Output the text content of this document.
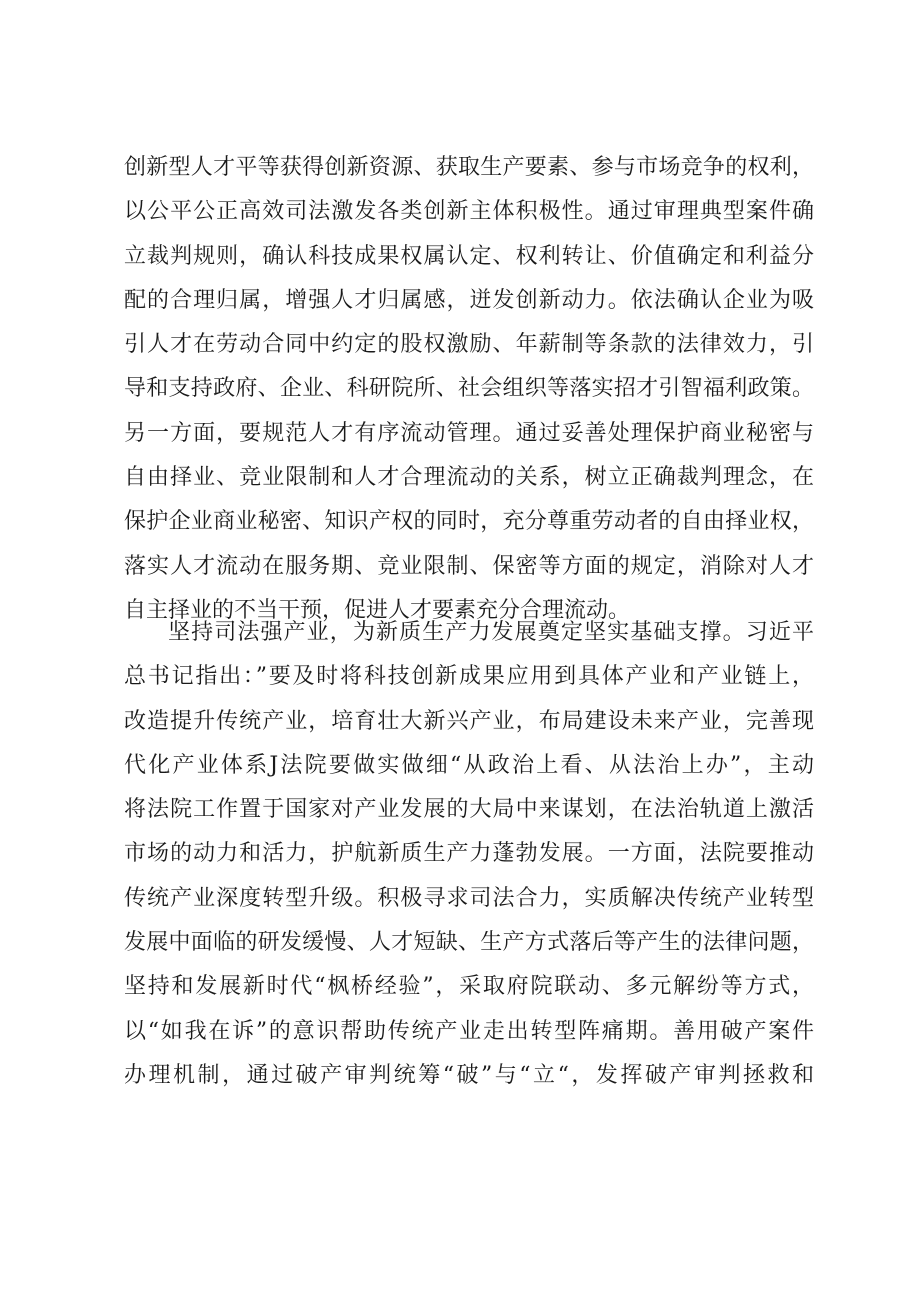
创新型人才平等获得创新资源、获取生产要素、参与市场竞争的权利，
以公平公正高效司法激发各类创新主体积极性。通过审理典型案件确
立裁判规则，确认科技成果权属认定、权利转让、价值确定和利益分
配的合理归属，增强人才归属感，迸发创新动力。依法确认企业为吸
引人才在劳动合同中约定的股权激励、年薪制等条款的法律效力，引
导和支持政府、企业、科研院所、社会组织等落实招才引智福利政策。
另一方面，要规范人才有序流动管理。通过妥善处理保护商业秘密与
自由择业、竞业限制和人才合理流动的关系，树立正确裁判理念，在
保护企业商业秘密、知识产权的同时，充分尊重劳动者的自由择业权，
落实人才流动在服务期、竞业限制、保密等方面的规定，消除对人才
自主择业的不当干预，促进人才要素充分合理流动。
坚持司法强产业，为新质生产力发展奠定坚实基础支撑。习近平
总书记指出：”要及时将科技创新成果应用到具体产业和产业链上，
改造提升传统产业，培育壮大新兴产业，布局建设未来产业，完善现
代化产业体系J法院要做实做细“从政治上看、从法治上办”，主动
将法院工作置于国家对产业发展的大局中来谋划，在法治轨道上激活
市场的动力和活力，护航新质生产力蓬勃发展。一方面，法院要推动
传统产业深度转型升级。积极寻求司法合力，实质解决传统产业转型
发展中面临的研发缓慢、人才短缺、生产方式落后等产生的法律问题，
坚持和发展新时代“枫桥经验”，采取府院联动、多元解纷等方式，
以“如我在诉”的意识帮助传统产业走出转型阵痛期。善用破产案件
办理机制，通过破产审判统筹“破”与“立“，发挥破产审判拯救和
